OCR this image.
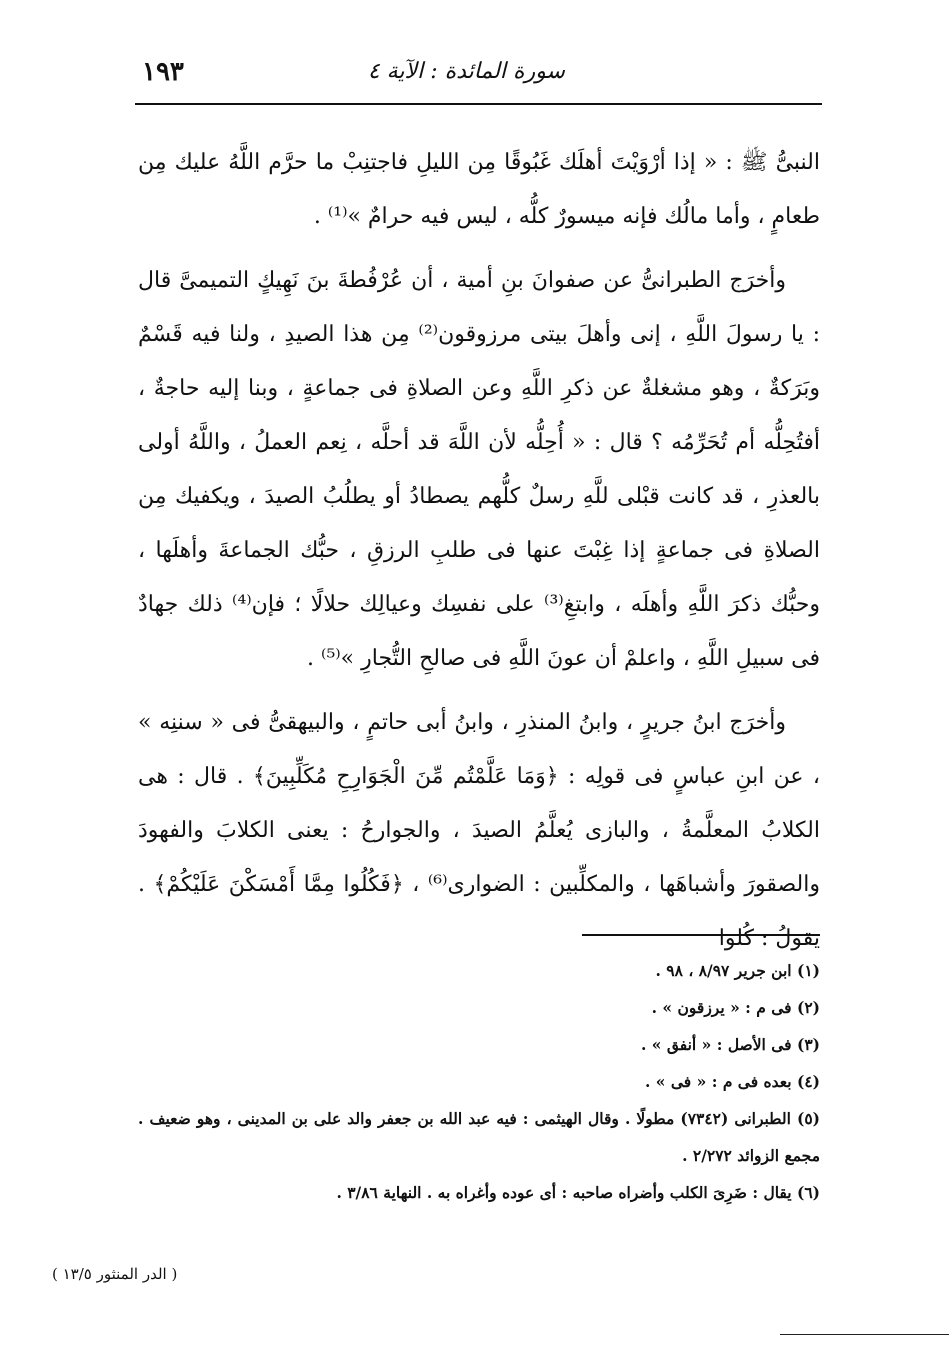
١٩٣	سورة المائدة : الآية ٤

النبىُّ ﷺ : « إذا أرْوَيْتَ أهلَك غَبُوقًا مِن الليلِ فاجتنِبْ ما حرَّم اللَّهُ عليك مِن طعامٍ ، وأما مالُك فإنه ميسورٌ كلُّه ، ليس فيه حرامٌ »⁽¹⁾ .

وأخرَج الطبرانىُّ عن صفوانَ بنِ أمية ، أن عُرْفُطةَ بنَ نَهِيكٍ التميمىَّ قال : يا رسولَ اللَّهِ ، إنى وأهلَ بيتى مرزوقون⁽²⁾ مِن هذا الصيدِ ، ولنا فيه قَسْمٌ وبَرَكةٌ ، وهو مشغلةٌ عن ذكرِ اللَّهِ وعن الصلاةِ فى جماعةٍ ، وبنا إليه حاجةٌ ، أفتُحِلُّه أم تُحَرِّمُه ؟ قال : « أُحِلُّه لأن اللَّهَ قد أحلَّه ، نِعم العملُ ، واللَّهُ أولى بالعذرِ ، قد كانت قبْلى للَّهِ رسلٌ كلُّهم يصطادُ أو يطلُبُ الصيدَ ، ويكفيك مِن الصلاةِ فى جماعةٍ إذا غِبْتَ عنها فى طلبِ الرزقِ ، حبُّك الجماعةَ وأهلَها ، وحبُّك ذكرَ اللَّهِ وأهلَه ، وابتغِ⁽³⁾ على نفسِك وعيالِك حلالًا ؛ فإن⁽⁴⁾ ذلك جهادٌ فى سبيلِ اللَّهِ ، واعلمْ أن عونَ اللَّهِ فى صالحِ التُّجارِ »⁽⁵⁾ .

وأخرَج ابنُ جريرٍ ، وابنُ المنذرِ ، وابنُ أبى حاتمٍ ، والبيهقىُّ فى « سننِه » ، عن ابنِ عباسٍ فى قولِه : ﴿وَمَا عَلَّمْتُم مِّنَ الْجَوَارِحِ مُكَلِّبِينَ﴾ . قال : هى الكلابُ المعلَّمةُ ، والبازى يُعلَّمُ الصيدَ ، والجوارحُ : يعنى الكلابَ والفهودَ والصقورَ وأشباهَها ، والمكلِّبين : الضوارى⁽⁶⁾ ، ﴿فَكُلُوا مِمَّا أَمْسَكْنَ عَلَيْكُمْ﴾ . يقولُ : كُلوا

(١) ابن جرير ٨/٩٧ ، ٩٨ .

(٢) فى م : « يرزقون » .

(٣) فى الأصل : « أنفق » .

(٤) بعده فى م : « فى » .

(٥) الطبرانى (٧٣٤٢) مطولًا . وقال الهيثمى : فيه عبد الله بن جعفر والد على بن المدينى ، وهو ضعيف . مجمع الزوائد ٢/٢٧٢ .

(٦) يقال : ضَرِىَ الكلب وأضراه صاحبه : أى عوده وأغراه به . النهاية ٣/٨٦ .

( الدر المنثور ١٣/٥ )
